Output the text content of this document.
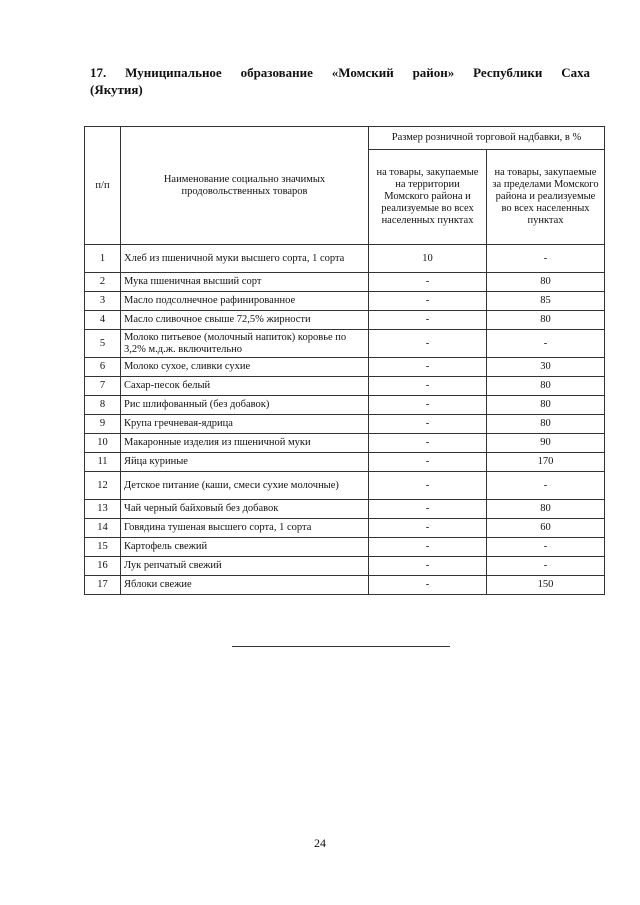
17. Муниципальное образование «Момский район» Республики Саха
(Якутия)
п/п	Наименование социально значимых продовольственных товаров	Размер розничной торговой надбавки, в %	
		на товары, закупаемые на территории Момского района и реализуемые во всех населенных пунктах	на товары, закупаемые за пределами Момского района и реализуемые во всех населенных пунктах
1	Хлеб из пшеничной муки высшего сорта, 1 сорта	10	-
2	Мука пшеничная высший сорт	-	80
3	Масло подсолнечное рафинированное	-	85
4	Масло сливочное свыше 72,5% жирности	-	80
5	Молоко питьевое (молочный напиток) коровье по 3,2% м.д.ж. включительно	-	-
6	Молоко сухое, сливки сухие	-	30
7	Сахар-песок белый	-	80
8	Рис шлифованный (без добавок)	-	80
9	Крупа гречневая-ядрица	-	80
10	Макаронные изделия из пшеничной муки	-	90
11	Яйца куриные	-	170
12	Детское питание (каши, смеси сухие молочные)	-	-
13	Чай черный байховый без добавок	-	80
14	Говядина тушеная высшего сорта, 1 сорта	-	60
15	Картофель свежий	-	-
16	Лук репчатый свежий	-	-
17	Яблоки свежие	-	150
24
